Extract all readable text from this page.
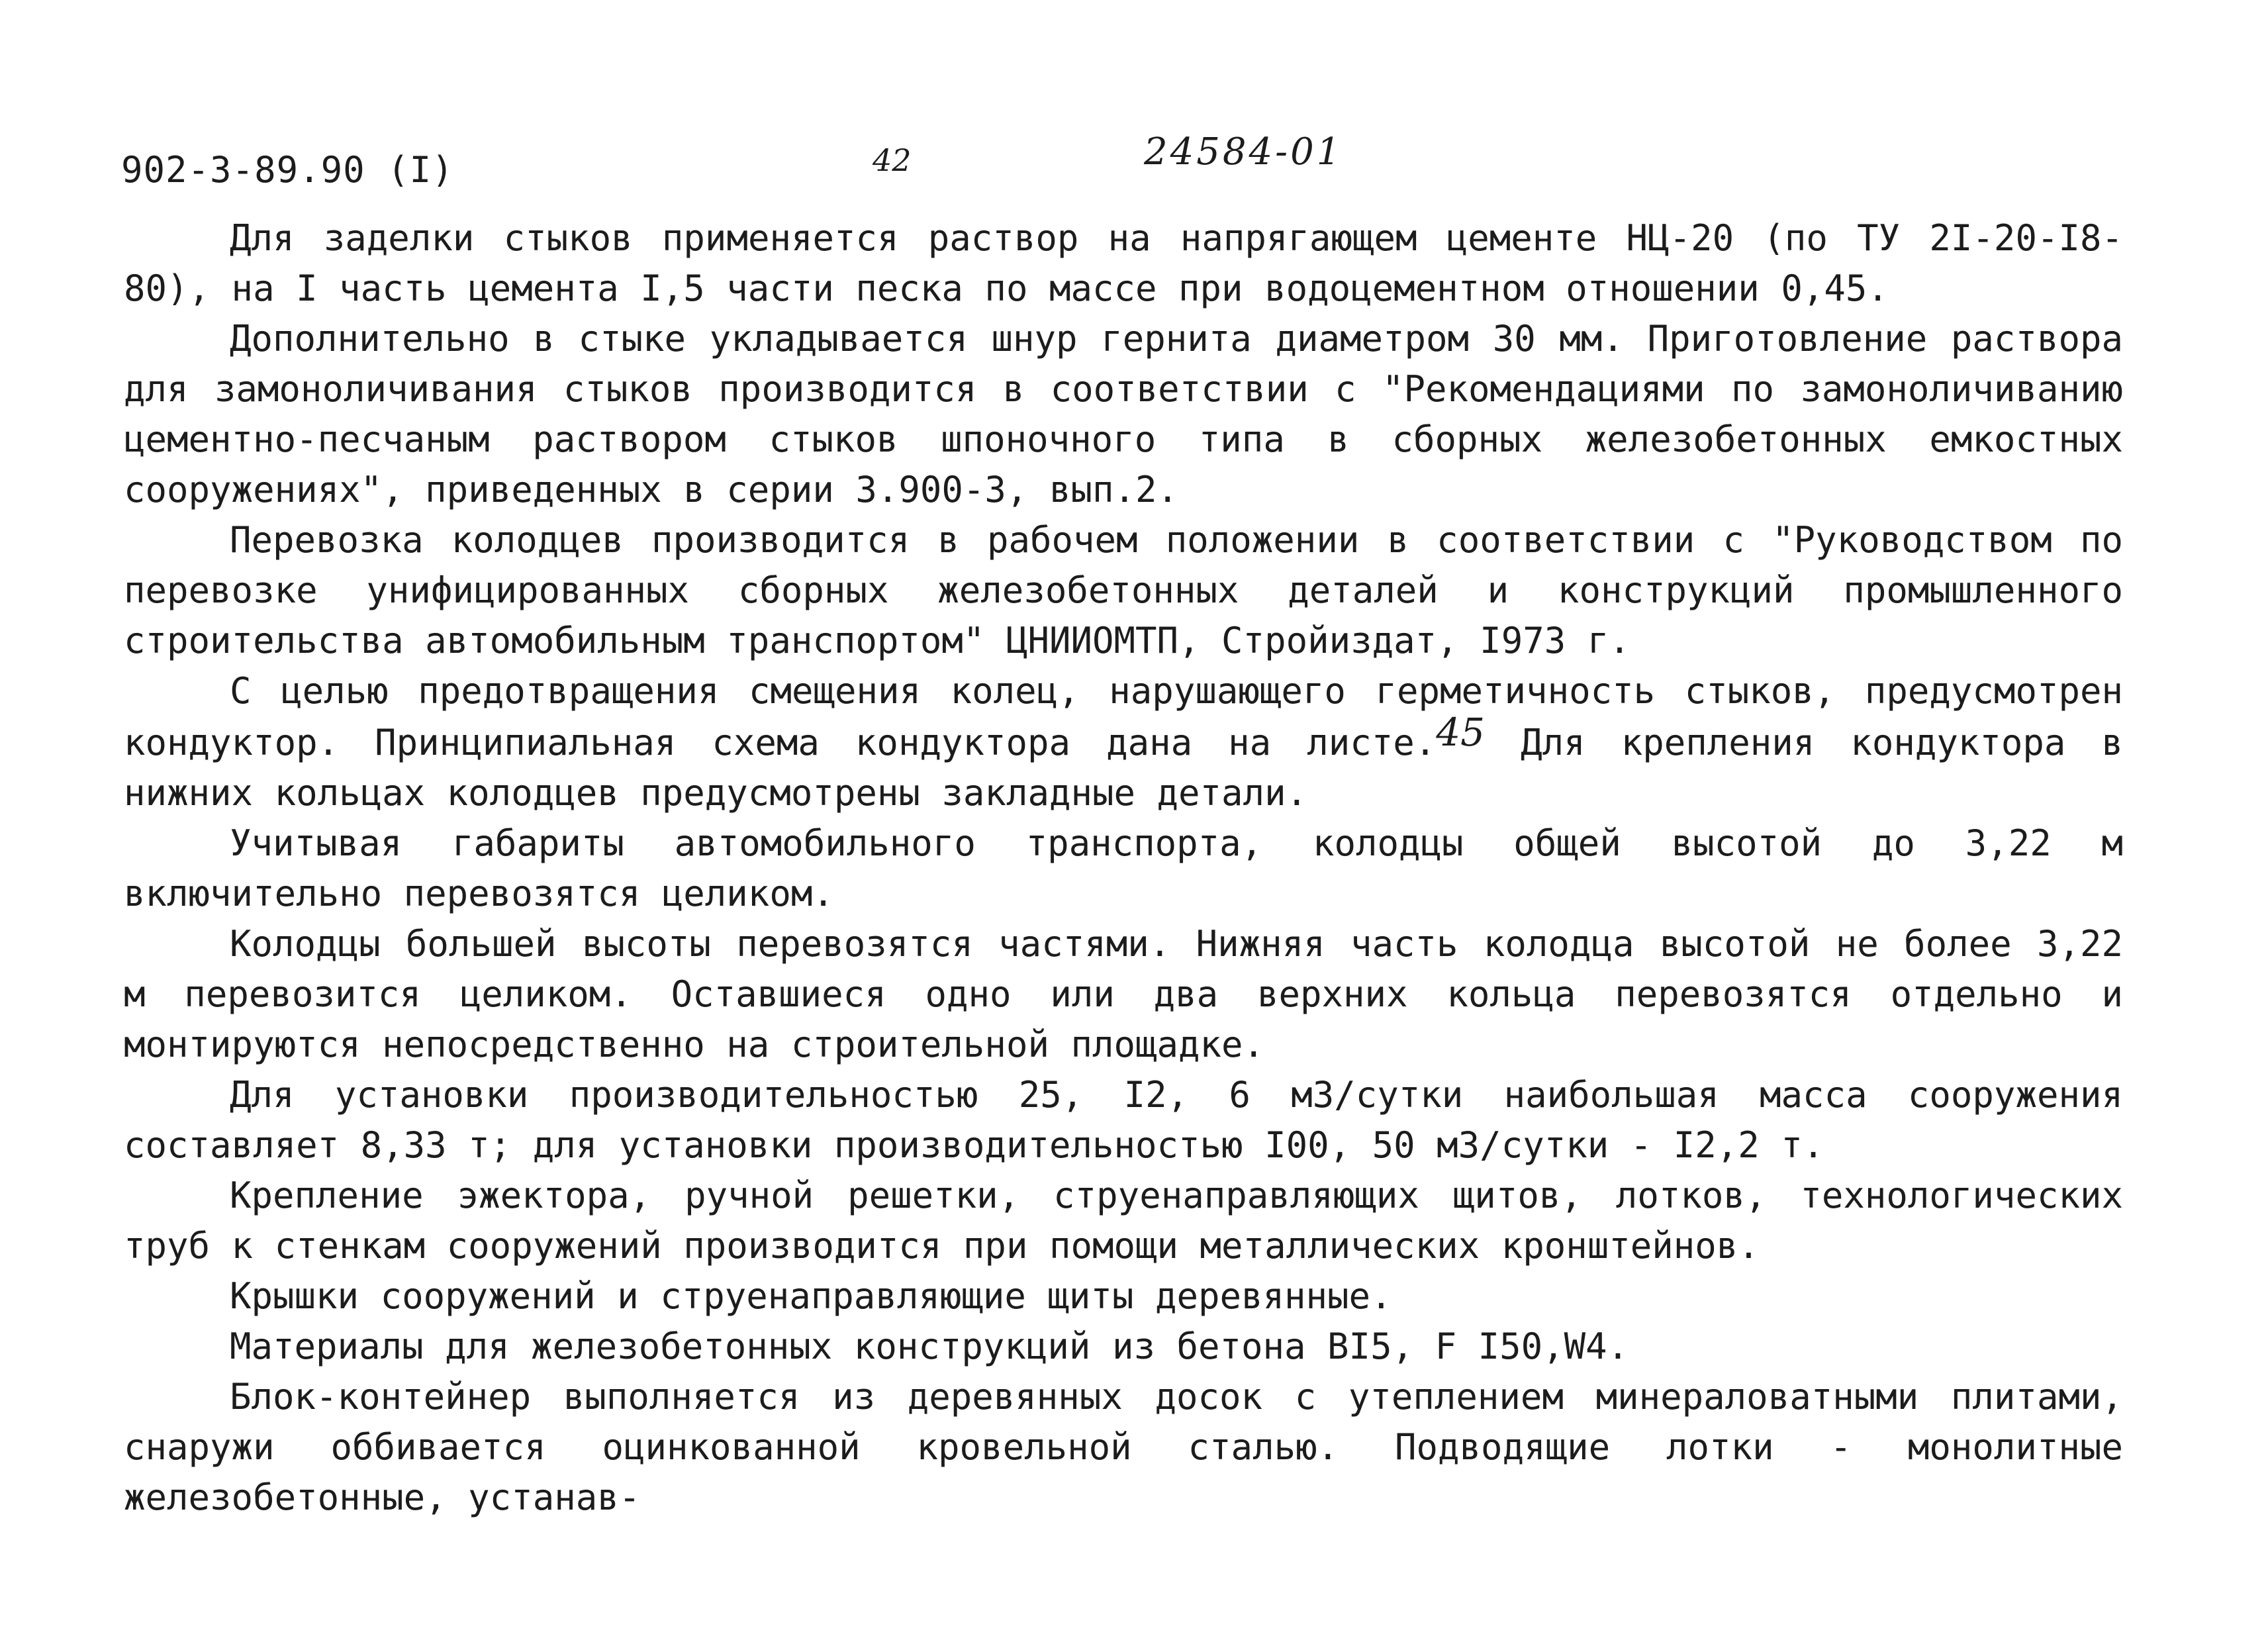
902-3-89.90 (I)	42	24584-01

Для заделки стыков применяется раствор на напрягающем цементе НЦ-20 (по ТУ 2I-20-I8-80), на I часть цемента I,5 части песка по массе при водоцементном отношении 0,45.

Дополнительно в стыке укладывается шнур гернита диаметром 30 мм. Приготовление раствора для замоноличивания стыков производится в соответствии с "Рекомендациями по замоноличиванию цементно-песчаным раствором стыков шпоночного типа в сборных железобетонных емкостных сооружениях", приведенных в серии 3.900-3, вып.2.

Перевозка колодцев производится в рабочем положении в соответствии с "Руководством по перевозке унифицированных сборных железобетонных деталей и конструкций промышленного строительства автомобильным транспортом" ЦНИИОМТП, Стройиздат, I973 г.

С целью предотвращения смещения колец, нарушающего герметичность стыков, предусмотрен кондуктор. Принципиальная схема кондуктора дана на листе.45 Для крепления кондуктора в нижних кольцах колодцев предусмотрены закладные детали.

Учитывая габариты автомобильного транспорта, колодцы общей высотой до 3,22 м включительно перевозятся целиком.

Колодцы большей высоты перевозятся частями. Нижняя часть колодца высотой не более 3,22 м перевозится целиком. Оставшиеся одно или два верхних кольца перевозятся отдельно и монтируются непосредственно на строительной площадке.

Для установки производительностью 25, I2, 6 м3/сутки наибольшая масса сооружения составляет 8,33 т; для установки производительностью I00, 50 м3/сутки - I2,2 т.

Крепление эжектора, ручной решетки, струенаправляющих щитов, лотков, технологических труб к стенкам сооружений производится при помощи металлических кронштейнов.

Крышки сооружений и струенаправляющие щиты деревянные.

Материалы для железобетонных конструкций из бетона BI5, F I50,W4.

Блок-контейнер выполняется из деревянных досок с утеплением минераловатными плитами, снаружи оббивается оцинкованной кровельной сталью. Подводящие лотки - монолитные железобетонные, устанав-
